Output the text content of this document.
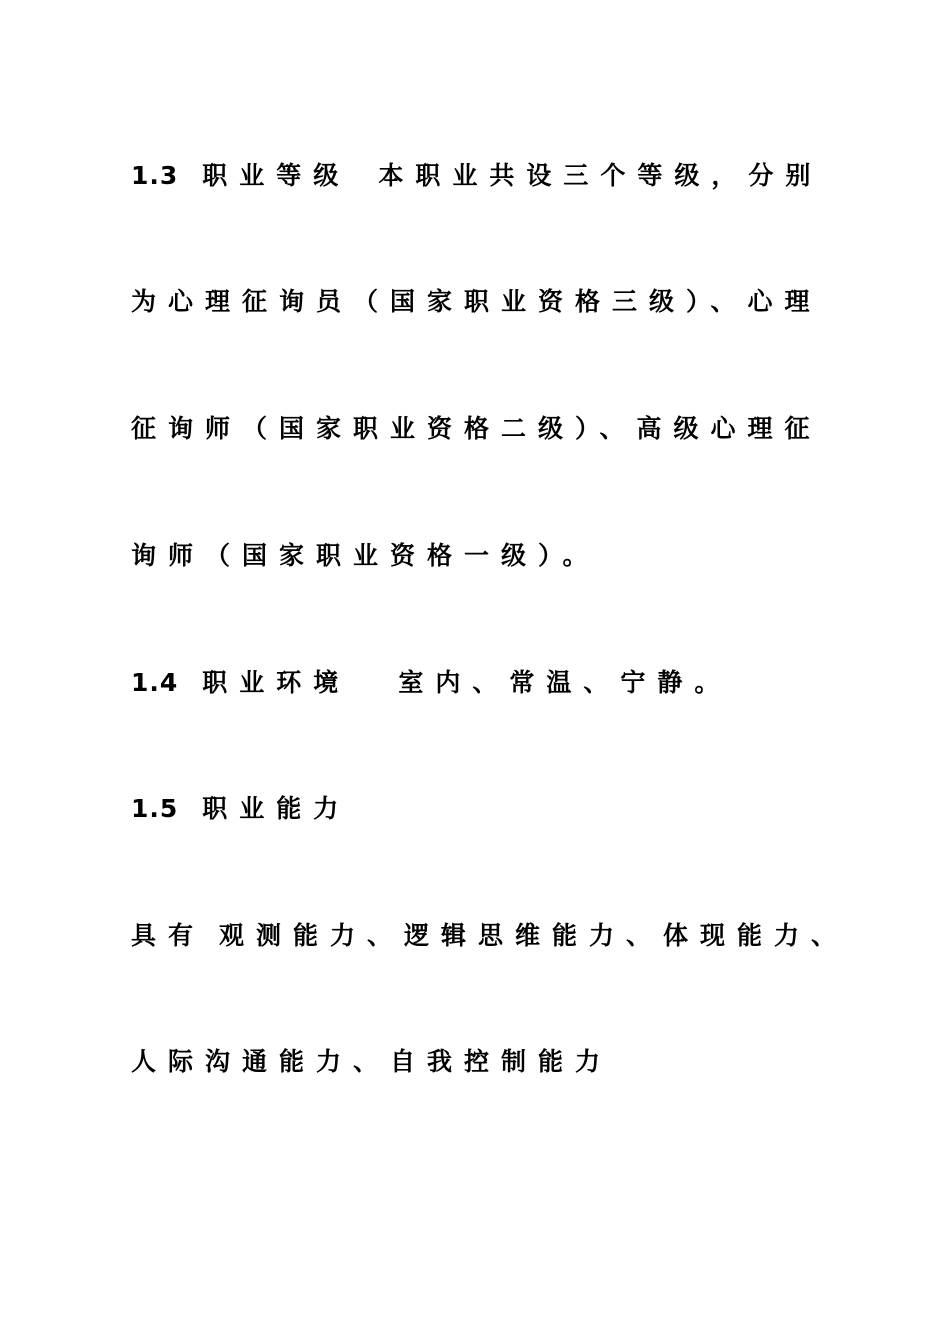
1.3 职业等级 本职业共设三个等级，分别
为心理征询员（国家职业资格三级）、心理
征询师（国家职业资格二级）、高级心理征
询师（国家职业资格一级）。
1.4 职业环境 室内、常温、宁静。
1.5 职业能力
具有 观测能力、逻辑思维能力、体现能力、
人际沟通能力、自我控制能力
